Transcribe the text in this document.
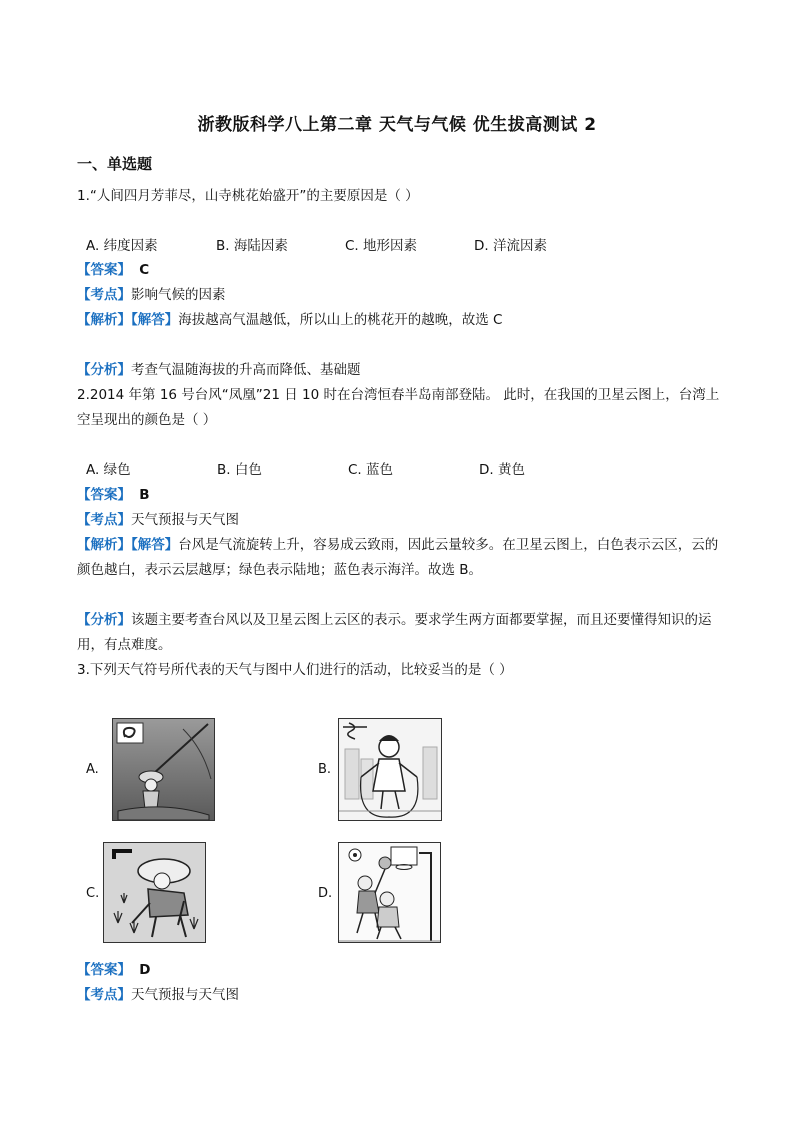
浙教版科学八上第二章 天气与气候 优生拔高测试 2
一、单选题
1.“人间四月芳菲尽，山寺桃花始盛开”的主要原因是（ ）
A. 纬度因素	B. 海陆因素	C. 地形因素	D. 洋流因素
【答案】 C
【考点】影响气候的因素
【解析】【解答】海拔越高气温越低，所以山上的桃花开的越晚，故选 C
【分析】考查气温随海拔的升高而降低、基础题
2.2014 年第 16 号台风“凤凰”21 日 10 时在台湾恒春半岛南部登陆。 此时，在我国的卫星云图上，台湾上空呈现出的颜色是（ ）
A. 绿色	B. 白色	C. 蓝色	D. 黄色
【答案】 B
【考点】天气预报与天气图
【解析】【解答】台风是气流旋转上升，容易成云致雨，因此云量较多。在卫星云图上，白色表示云区，云的颜色越白，表示云层越厚；绿色表示陆地；蓝色表示海洋。故选 B。
【分析】该题主要考查台风以及卫星云图上云区的表示。要求学生两方面都要掌握，而且还要懂得知识的运用，有点难度。
3.下列天气符号所代表的天气与图中人们进行的活动，比较妥当的是（ ）
A.	B.
C.	D.
【答案】 D
【考点】天气预报与天气图
